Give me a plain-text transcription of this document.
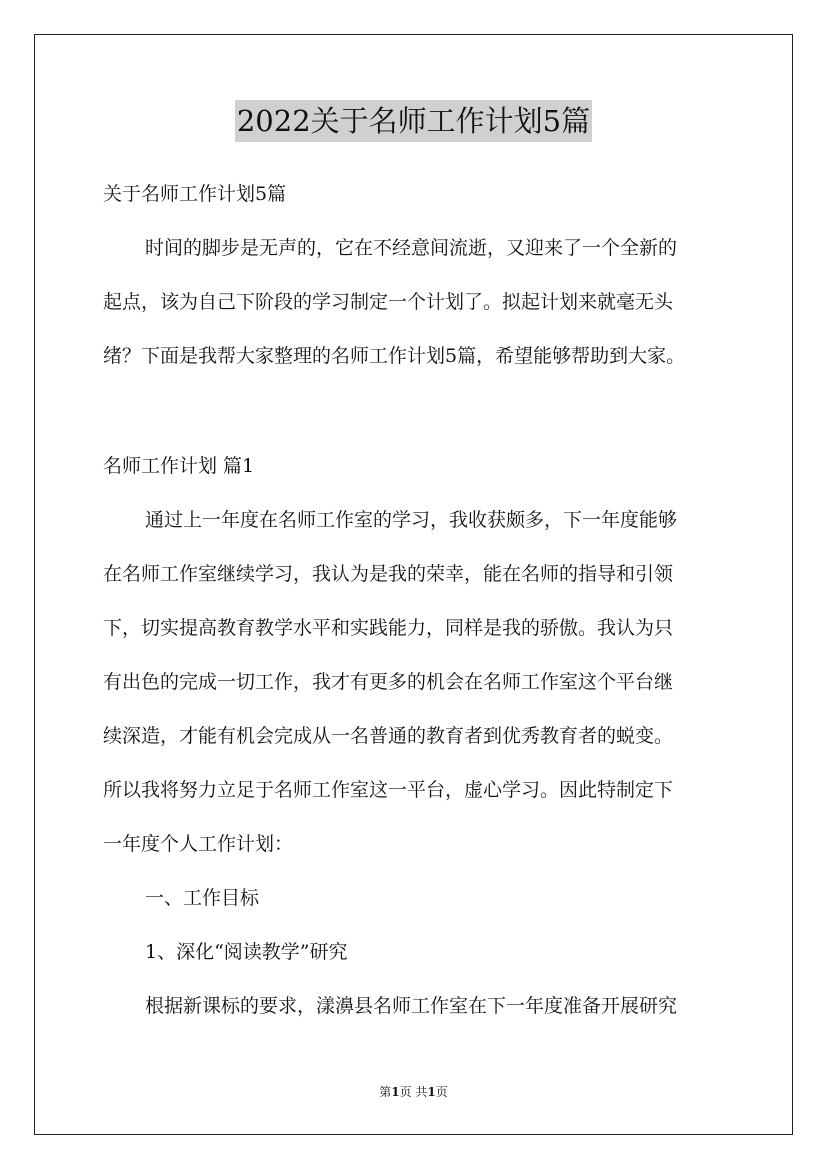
2022关于名师工作计划5篇
关于名师工作计划5篇
时间的脚步是无声的，它在不经意间流逝，又迎来了一个全新的
起点，该为自己下阶段的学习制定一个计划了。拟起计划来就毫无头
绪？下面是我帮大家整理的名师工作计划5篇，希望能够帮助到大家。
名师工作计划 篇1
通过上一年度在名师工作室的学习，我收获颇多，下一年度能够
在名师工作室继续学习，我认为是我的荣幸，能在名师的指导和引领
下，切实提高教育教学水平和实践能力，同样是我的骄傲。我认为只
有出色的完成一切工作，我才有更多的机会在名师工作室这个平台继
续深造，才能有机会完成从一名普通的教育者到优秀教育者的蜕变。
所以我将努力立足于名师工作室这一平台，虚心学习。因此特制定下
一年度个人工作计划：
一、工作目标
1、深化“阅读教学”研究
根据新课标的要求，漾濞县名师工作室在下一年度准备开展研究
第1页 共1页
